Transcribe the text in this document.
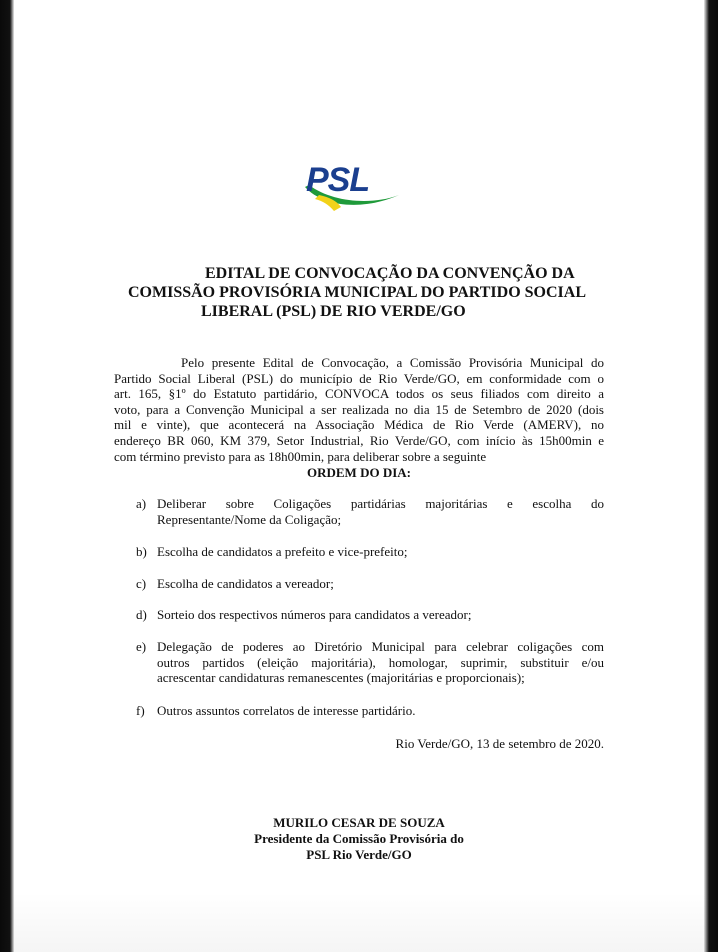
PSL
EDITAL DE CONVOCAÇÃO DA CONVENÇÃO DA
COMISSÃO PROVISÓRIA MUNICIPAL DO PARTIDO SOCIAL
LIBERAL (PSL) DE RIO VERDE/GO
Pelo presente Edital de Convocação, a Comissão Provisória Municipal do
Partido Social Liberal (PSL) do município de Rio Verde/GO, em conformidade com o
art. 165, §1º do Estatuto partidário, CONVOCA todos os seus filiados com direito a
voto, para a Convenção Municipal a ser realizada no dia 15 de Setembro de 2020 (dois
mil e vinte), que acontecerá na Associação Médica de Rio Verde (AMERV), no
endereço BR 060, KM 379, Setor Industrial, Rio Verde/GO, com início às 15h00min e
com término previsto para as 18h00min, para deliberar sobre a seguinte
ORDEM DO DIA:
a) Deliberar sobre Coligações partidárias majoritárias e escolha do
Representante/Nome da Coligação;
b) Escolha de candidatos a prefeito e vice-prefeito;
c) Escolha de candidatos a vereador;
d) Sorteio dos respectivos números para candidatos a vereador;
e) Delegação de poderes ao Diretório Municipal para celebrar coligações com
outros partidos (eleição majoritária), homologar, suprimir, substituir e/ou
acrescentar candidaturas remanescentes (majoritárias e proporcionais);
f) Outros assuntos correlatos de interesse partidário.
Rio Verde/GO, 13 de setembro de 2020.
MURILO CESAR DE SOUZA
Presidente da Comissão Provisória do
PSL Rio Verde/GO
